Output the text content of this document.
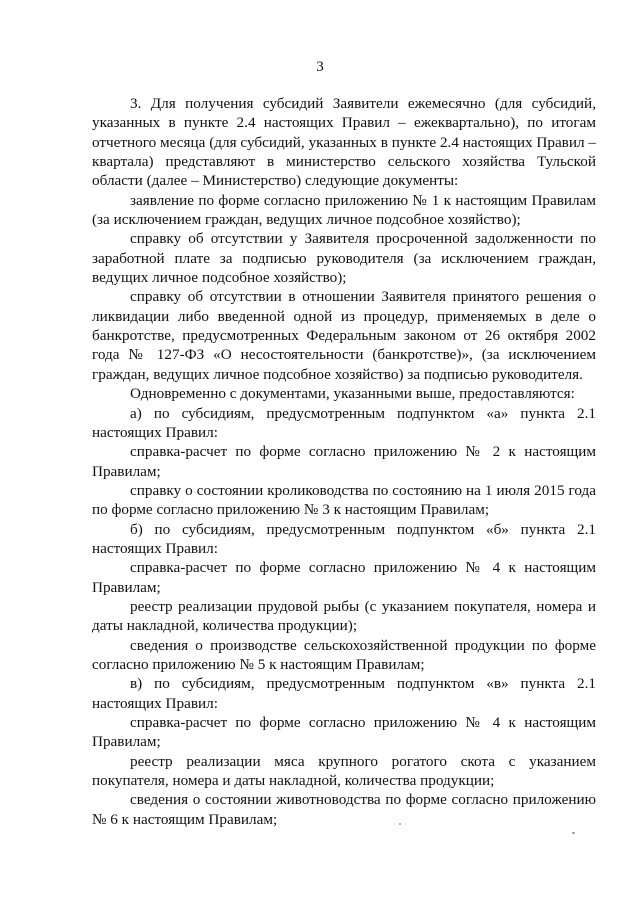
3

3. Для получения субсидий Заявители ежемесячно (для субсидий, указанных в пункте 2.4 настоящих Правил – ежеквартально), по итогам отчетного месяца (для субсидий, указанных в пункте 2.4 настоящих Правил – квартала) представляют в министерство сельского хозяйства Тульской области (далее – Министерство) следующие документы:

заявление по форме согласно приложению № 1 к настоящим Правилам (за исключением граждан, ведущих личное подсобное хозяйство);

справку об отсутствии у Заявителя просроченной задолженности по заработной плате за подписью руководителя (за исключением граждан, ведущих личное подсобное хозяйство);

справку об отсутствии в отношении Заявителя принятого решения о ликвидации либо введенной одной из процедур, применяемых в деле о банкротстве, предусмотренных Федеральным законом от 26 октября 2002 года № 127-ФЗ «О несостоятельности (банкротстве)», (за исключением граждан, ведущих личное подсобное хозяйство) за подписью руководителя.

Одновременно с документами, указанными выше, предоставляются:

а) по субсидиям, предусмотренным подпунктом «а» пункта 2.1 настоящих Правил:

справка-расчет по форме согласно приложению № 2 к настоящим Правилам;

справку о состоянии кролиководства по состоянию на 1 июля 2015 года по форме согласно приложению № 3 к настоящим Правилам;

б) по субсидиям, предусмотренным подпунктом «б» пункта 2.1 настоящих Правил:

справка-расчет по форме согласно приложению № 4 к настоящим Правилам;

реестр реализации прудовой рыбы (с указанием покупателя, номера и даты накладной, количества продукции);

сведения о производстве сельскохозяйственной продукции по форме согласно приложению № 5 к настоящим Правилам;

в) по субсидиям, предусмотренным подпунктом «в» пункта 2.1 настоящих Правил:

справка-расчет по форме согласно приложению № 4 к настоящим Правилам;

реестр реализации мяса крупного рогатого скота с указанием покупателя, номера и даты накладной, количества продукции;

сведения о состоянии животноводства по форме согласно приложению № 6 к настоящим Правилам;
